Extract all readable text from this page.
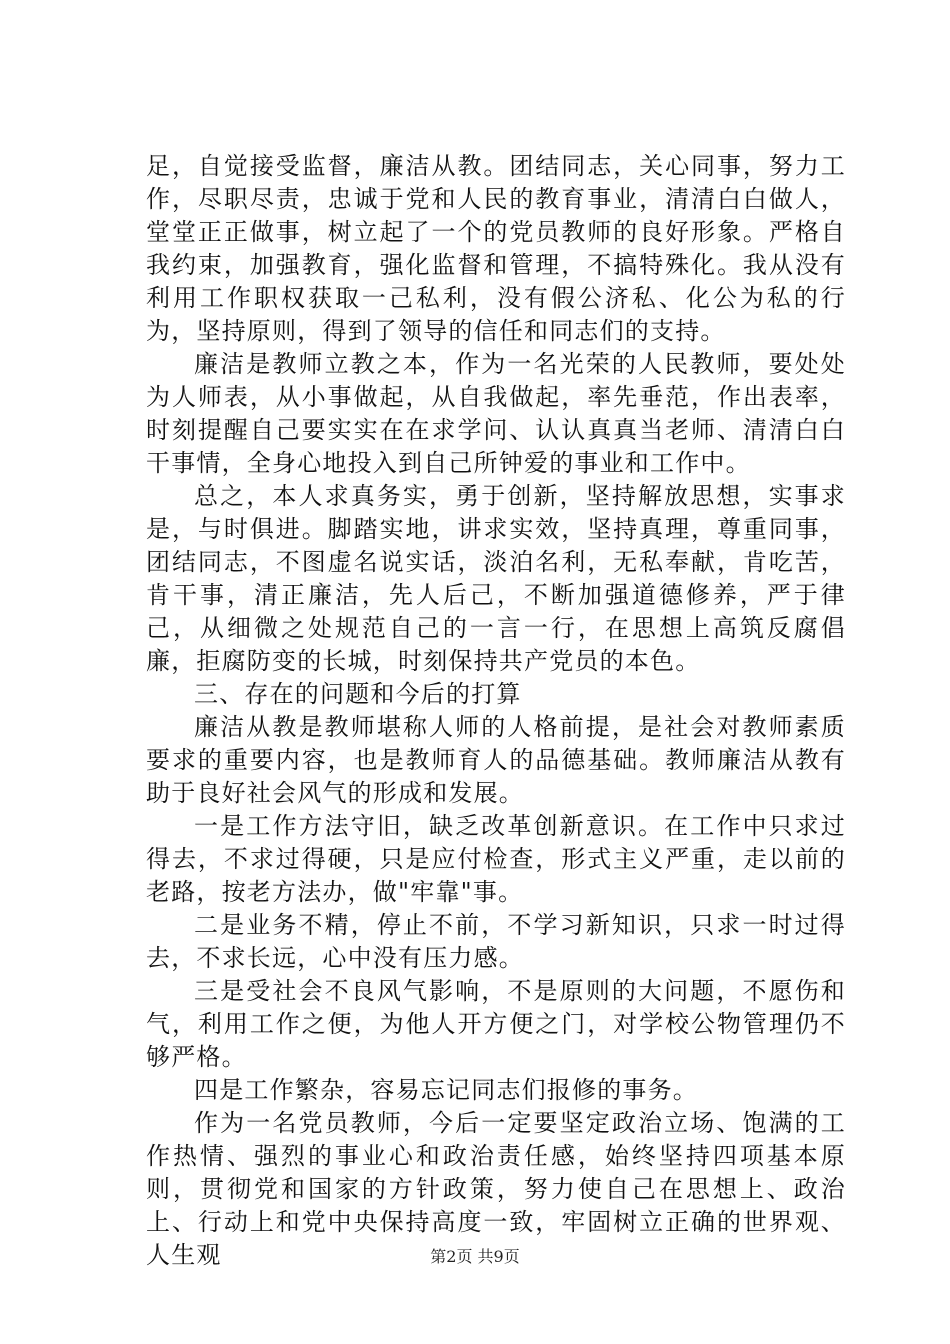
足，自觉接受监督，廉洁从教。团结同志，关心同事，努力工作，尽职尽责，忠诚于党和人民的教育事业，清清白白做人，堂堂正正做事，树立起了一个的党员教师的良好形象。严格自我约束，加强教育，强化监督和管理，不搞特殊化。我从没有利用工作职权获取一己私利，没有假公济私、化公为私的行为，坚持原则，得到了领导的信任和同志们的支持。

廉洁是教师立教之本，作为一名光荣的人民教师，要处处为人师表，从小事做起，从自我做起，率先垂范，作出表率，时刻提醒自己要实实在在求学问、认认真真当老师、清清白白干事情，全身心地投入到自己所钟爱的事业和工作中。

总之，本人求真务实，勇于创新，坚持解放思想，实事求是，与时俱进。脚踏实地，讲求实效，坚持真理，尊重同事，团结同志，不图虚名说实话，淡泊名利，无私奉献，肯吃苦，肯干事，清正廉洁，先人后己，不断加强道德修养，严于律己，从细微之处规范自己的一言一行，在思想上高筑反腐倡廉，拒腐防变的长城，时刻保持共产党员的本色。

三、存在的问题和今后的打算

廉洁从教是教师堪称人师的人格前提，是社会对教师素质要求的重要内容，也是教师育人的品德基础。教师廉洁从教有助于良好社会风气的形成和发展。

一是工作方法守旧，缺乏改革创新意识。在工作中只求过得去，不求过得硬，只是应付检查，形式主义严重，走以前的老路，按老方法办，做"牢靠"事。

二是业务不精，停止不前，不学习新知识，只求一时过得去，不求长远，心中没有压力感。

三是受社会不良风气影响，不是原则的大问题，不愿伤和气，利用工作之便，为他人开方便之门，对学校公物管理仍不够严格。

四是工作繁杂，容易忘记同志们报修的事务。

作为一名党员教师，今后一定要坚定政治立场、饱满的工作热情、强烈的事业心和政治责任感，始终坚持四项基本原则，贯彻党和国家的方针政策，努力使自己在思想上、政治上、行动上和党中央保持高度一致，牢固树立正确的世界观、人生观	第2页 共9页
